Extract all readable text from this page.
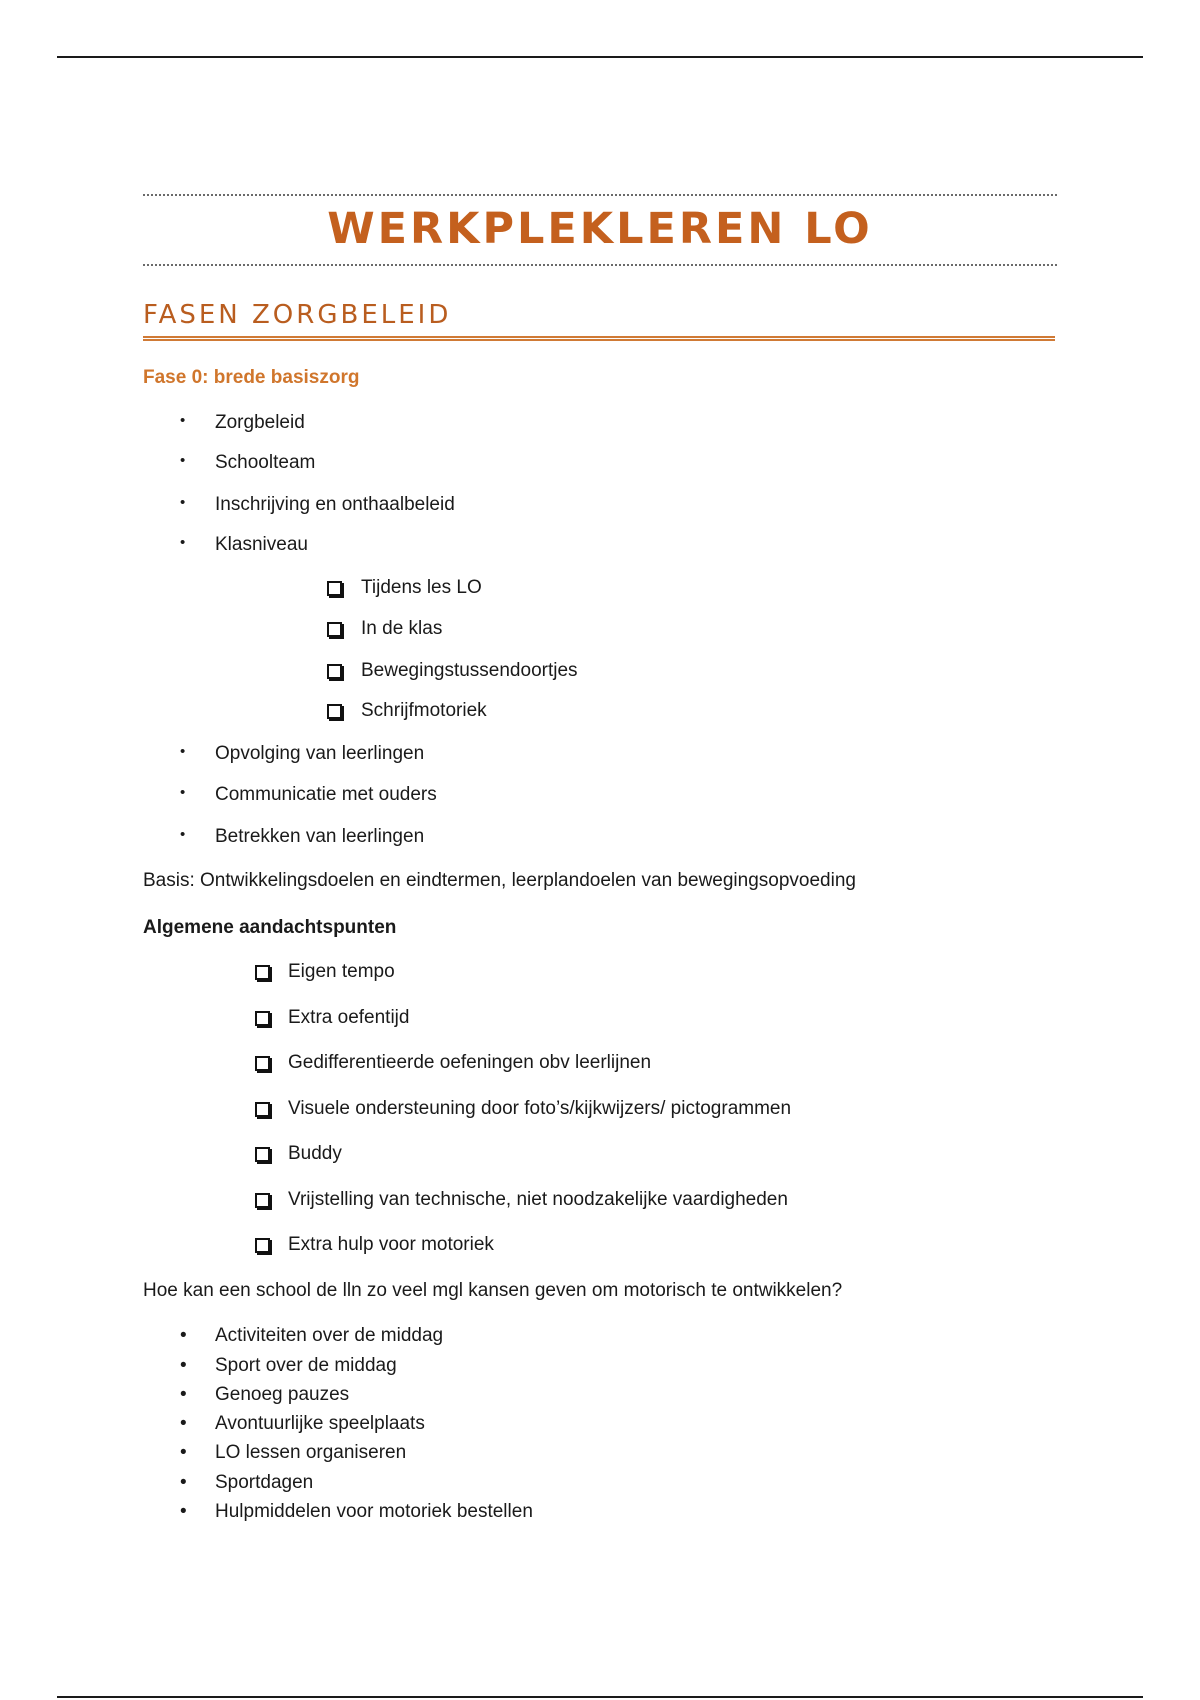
WERKPLEKLEREN LO
FASEN ZORGBELEID
Fase 0: brede basiszorg
• Zorgbeleid
• Schoolteam
• Inschrijving en onthaalbeleid
• Klasniveau
Tijdens les LO
In de klas
Bewegingstussendoortjes
Schrijfmotoriek
• Opvolging van leerlingen
• Communicatie met ouders
• Betrekken van leerlingen
Basis: Ontwikkelingsdoelen en eindtermen, leerplandoelen van bewegingsopvoeding
Algemene aandachtspunten
Eigen tempo
Extra oefentijd
Gedifferentieerde oefeningen obv leerlijnen
Visuele ondersteuning door foto’s/kijkwijzers/ pictogrammen
Buddy
Vrijstelling van technische, niet noodzakelijke vaardigheden
Extra hulp voor motoriek
Hoe kan een school de lln zo veel mgl kansen geven om motorisch te ontwikkelen?
• Activiteiten over de middag
• Sport over de middag
• Genoeg pauzes
• Avontuurlijke speelplaats
• LO lessen organiseren
• Sportdagen
• Hulpmiddelen voor motoriek bestellen
